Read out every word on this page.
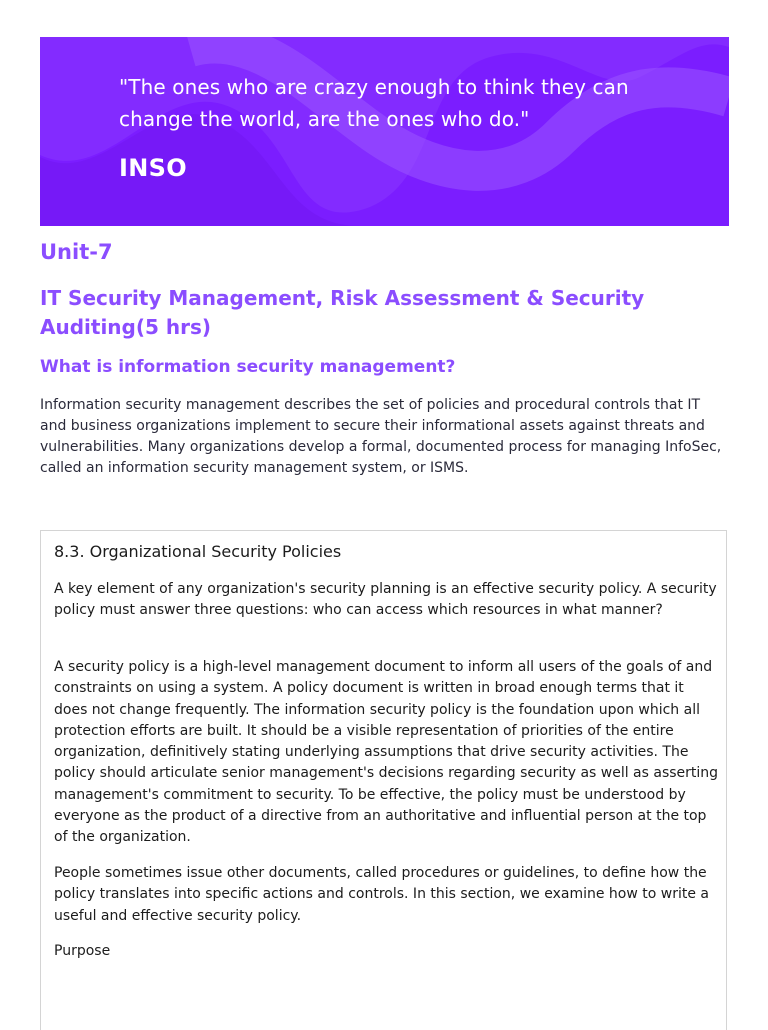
"The ones who are crazy enough to think they can change the world, are the ones who do."
INSO
Unit-7
IT Security Management, Risk Assessment & Security Auditing(5 hrs)
What is information security management?

Information security management describes the set of policies and procedural controls that IT and business organizations implement to secure their informational assets against threats and vulnerabilities. Many organizations develop a formal, documented process for managing InfoSec, called an information security management system, or ISMS.

8.3. Organizational Security Policies

A key element of any organization's security planning is an effective security policy. A security policy must answer three questions: who can access which resources in what manner?

A security policy is a high-level management document to inform all users of the goals of and constraints on using a system. A policy document is written in broad enough terms that it does not change frequently. The information security policy is the foundation upon which all protection efforts are built. It should be a visible representation of priorities of the entire organization, definitively stating underlying assumptions that drive security activities. The policy should articulate senior management's decisions regarding security as well as asserting management's commitment to security. To be effective, the policy must be understood by everyone as the product of a directive from an authoritative and influential person at the top of the organization.

People sometimes issue other documents, called procedures or guidelines, to define how the policy translates into specific actions and controls. In this section, we examine how to write a useful and effective security policy.

Purpose
